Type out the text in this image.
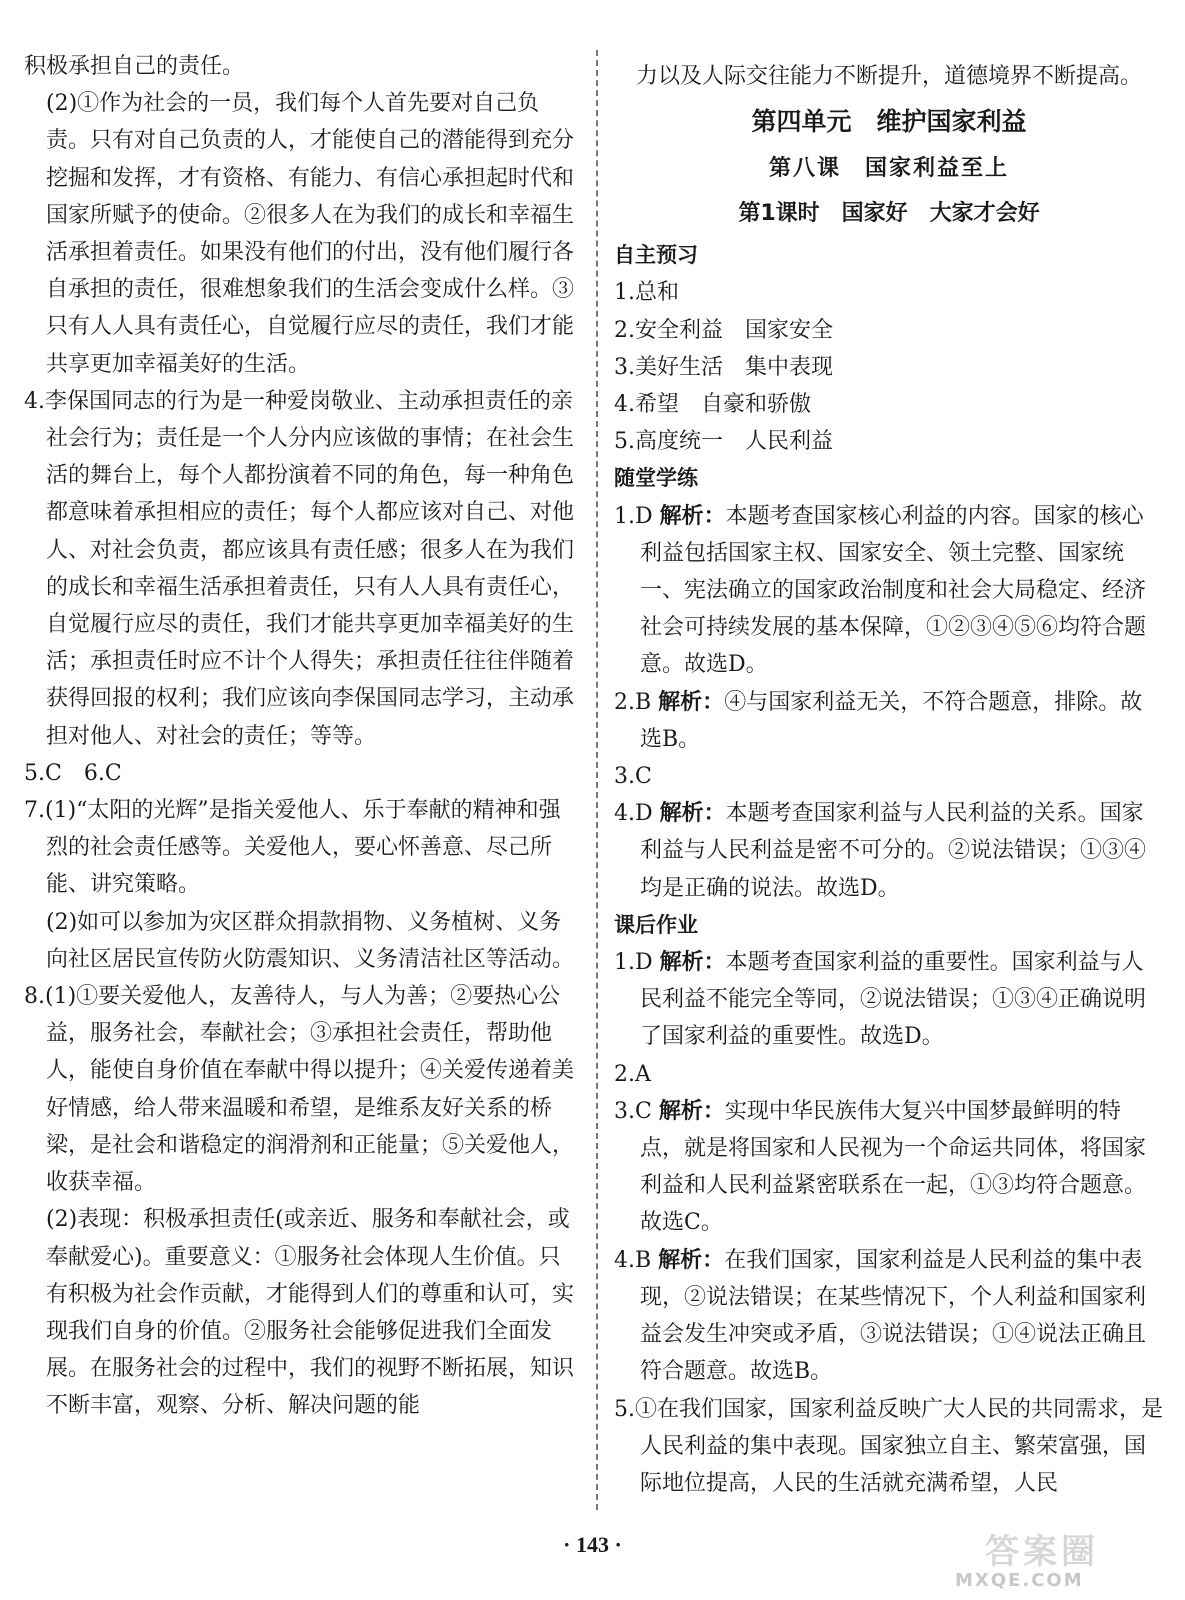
积极承担自己的责任。

(2)①作为社会的一员，我们每个人首先要对自己负责。只有对自己负责的人，才能使自己的潜能得到充分挖掘和发挥，才有资格、有能力、有信心承担起时代和国家所赋予的使命。②很多人在为我们的成长和幸福生活承担着责任。如果没有他们的付出，没有他们履行各自承担的责任，很难想象我们的生活会变成什么样。③只有人人具有责任心，自觉履行应尽的责任，我们才能共享更加幸福美好的生活。

4.李保国同志的行为是一种爱岗敬业、主动承担责任的亲社会行为；责任是一个人分内应该做的事情；在社会生活的舞台上，每个人都扮演着不同的角色，每一种角色都意味着承担相应的责任；每个人都应该对自己、对他人、对社会负责，都应该具有责任感；很多人在为我们的成长和幸福生活承担着责任，只有人人具有责任心，自觉履行应尽的责任，我们才能共享更加幸福美好的生活；承担责任时应不计个人得失；承担责任往往伴随着获得回报的权利；我们应该向李保国同志学习，主动承担对他人、对社会的责任；等等。

5.C　6.C

7.(1)“太阳的光辉”是指关爱他人、乐于奉献的精神和强烈的社会责任感等。关爱他人，要心怀善意、尽己所能、讲究策略。

(2)如可以参加为灾区群众捐款捐物、义务植树、义务向社区居民宣传防火防震知识、义务清洁社区等活动。

8.(1)①要关爱他人，友善待人，与人为善；②要热心公益，服务社会，奉献社会；③承担社会责任，帮助他人，能使自身价值在奉献中得以提升；④关爱传递着美好情感，给人带来温暖和希望，是维系友好关系的桥梁，是社会和谐稳定的润滑剂和正能量；⑤关爱他人，收获幸福。

(2)表现：积极承担责任(或亲近、服务和奉献社会，或奉献爱心)。重要意义：①服务社会体现人生价值。只有积极为社会作贡献，才能得到人们的尊重和认可，实现我们自身的价值。②服务社会能够促进我们全面发展。在服务社会的过程中，我们的视野不断拓展，知识不断丰富，观察、分析、解决问题的能

力以及人际交往能力不断提升，道德境界不断提高。

第四单元　维护国家利益
第八课　国家利益至上
第1课时　国家好　大家才会好
自主预习

1.总和

2.安全利益　国家安全

3.美好生活　集中表现

4.希望　自豪和骄傲

5.高度统一　人民利益

随堂学练

1.D 解析：本题考查国家核心利益的内容。国家的核心利益包括国家主权、国家安全、领土完整、国家统一、宪法确立的国家政治制度和社会大局稳定、经济社会可持续发展的基本保障，①②③④⑤⑥均符合题意。故选D。

2.B 解析：④与国家利益无关，不符合题意，排除。故选B。

3.C

4.D 解析：本题考查国家利益与人民利益的关系。国家利益与人民利益是密不可分的。②说法错误；①③④均是正确的说法。故选D。

课后作业

1.D 解析：本题考查国家利益的重要性。国家利益与人民利益不能完全等同，②说法错误；①③④正确说明了国家利益的重要性。故选D。

2.A

3.C 解析：实现中华民族伟大复兴中国梦最鲜明的特点，就是将国家和人民视为一个命运共同体，将国家利益和人民利益紧密联系在一起，①③均符合题意。故选C。

4.B 解析：在我们国家，国家利益是人民利益的集中表现，②说法错误；在某些情况下，个人利益和国家利益会发生冲突或矛盾，③说法错误；①④说法正确且符合题意。故选B。

5.①在我们国家，国家利益反映广大人民的共同需求，是人民利益的集中表现。国家独立自主、繁荣富强，国际地位提高，人民的生活就充满希望，人民

· 143 ·	答案圈
MXQE.COM
